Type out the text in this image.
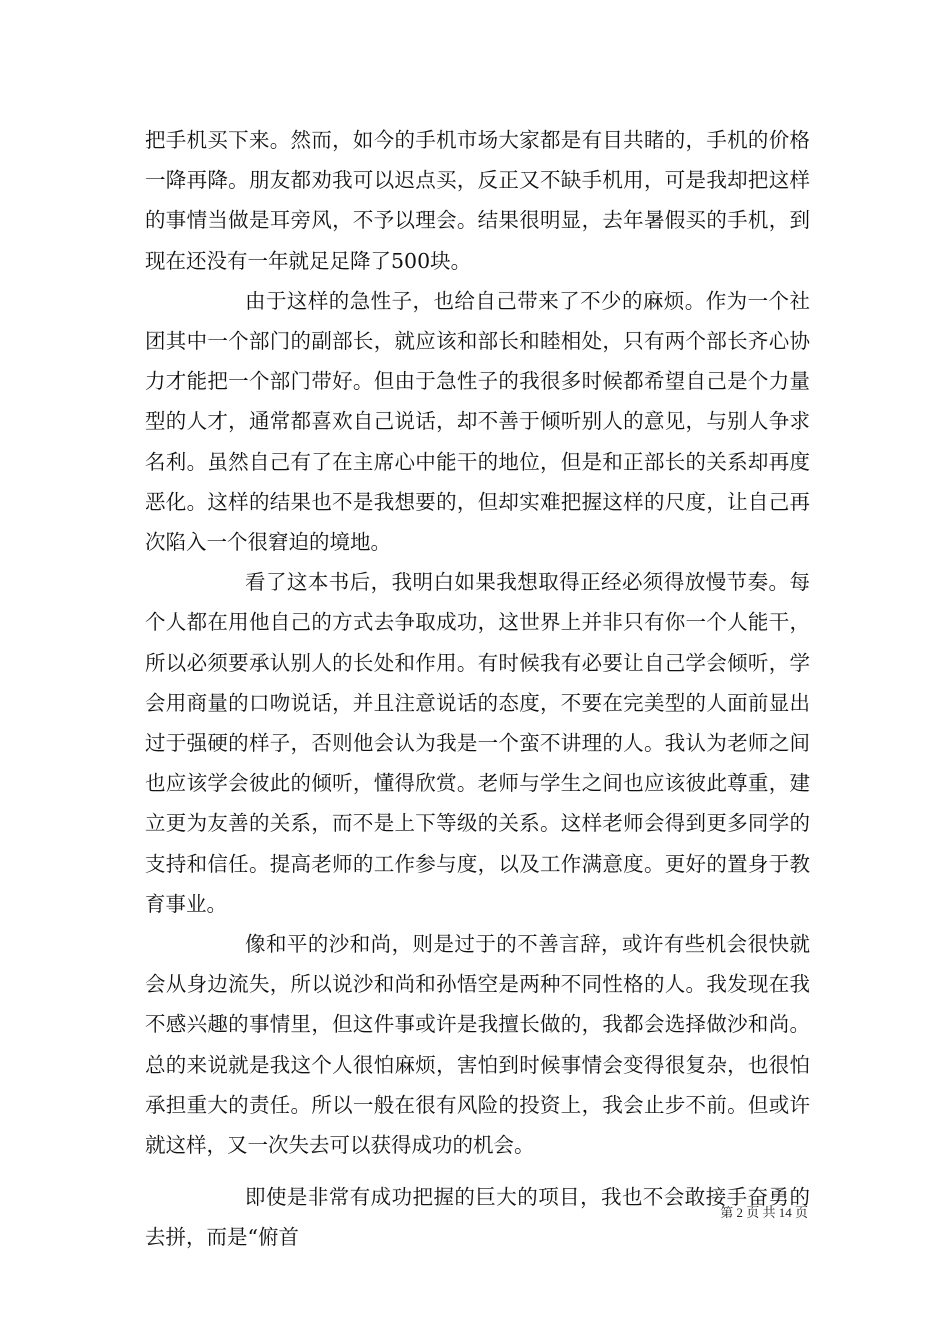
把手机买下来。然而，如今的手机市场大家都是有目共睹的，手机的价格一降再降。朋友都劝我可以迟点买，反正又不缺手机用，可是我却把这样的事情当做是耳旁风，不予以理会。结果很明显，去年暑假买的手机，到现在还没有一年就足足降了500块。

由于这样的急性子，也给自己带来了不少的麻烦。作为一个社团其中一个部门的副部长，就应该和部长和睦相处，只有两个部长齐心协力才能把一个部门带好。但由于急性子的我很多时候都希望自己是个力量型的人才，通常都喜欢自己说话，却不善于倾听别人的意见，与别人争求名利。虽然自己有了在主席心中能干的地位，但是和正部长的关系却再度恶化。这样的结果也不是我想要的，但却实难把握这样的尺度，让自己再次陷入一个很窘迫的境地。

看了这本书后，我明白如果我想取得正经必须得放慢节奏。每个人都在用他自己的方式去争取成功，这世界上并非只有你一个人能干，所以必须要承认别人的长处和作用。有时候我有必要让自己学会倾听，学会用商量的口吻说话，并且注意说话的态度，不要在完美型的人面前显出过于强硬的样子，否则他会认为我是一个蛮不讲理的人。我认为老师之间也应该学会彼此的倾听，懂得欣赏。老师与学生之间也应该彼此尊重，建立更为友善的关系，而不是上下等级的关系。这样老师会得到更多同学的支持和信任。提高老师的工作参与度，以及工作满意度。更好的置身于教育事业。

像和平的沙和尚，则是过于的不善言辞，或许有些机会很快就会从身边流失，所以说沙和尚和孙悟空是两种不同性格的人。我发现在我不感兴趣的事情里，但这件事或许是我擅长做的，我都会选择做沙和尚。总的来说就是我这个人很怕麻烦，害怕到时候事情会变得很复杂，也很怕承担重大的责任。所以一般在很有风险的投资上，我会止步不前。但或许就这样，又一次失去可以获得成功的机会。

即使是非常有成功把握的巨大的项目，我也不会敢接手奋勇的去拼，而是“俯首

第 2 页 共 14 页
